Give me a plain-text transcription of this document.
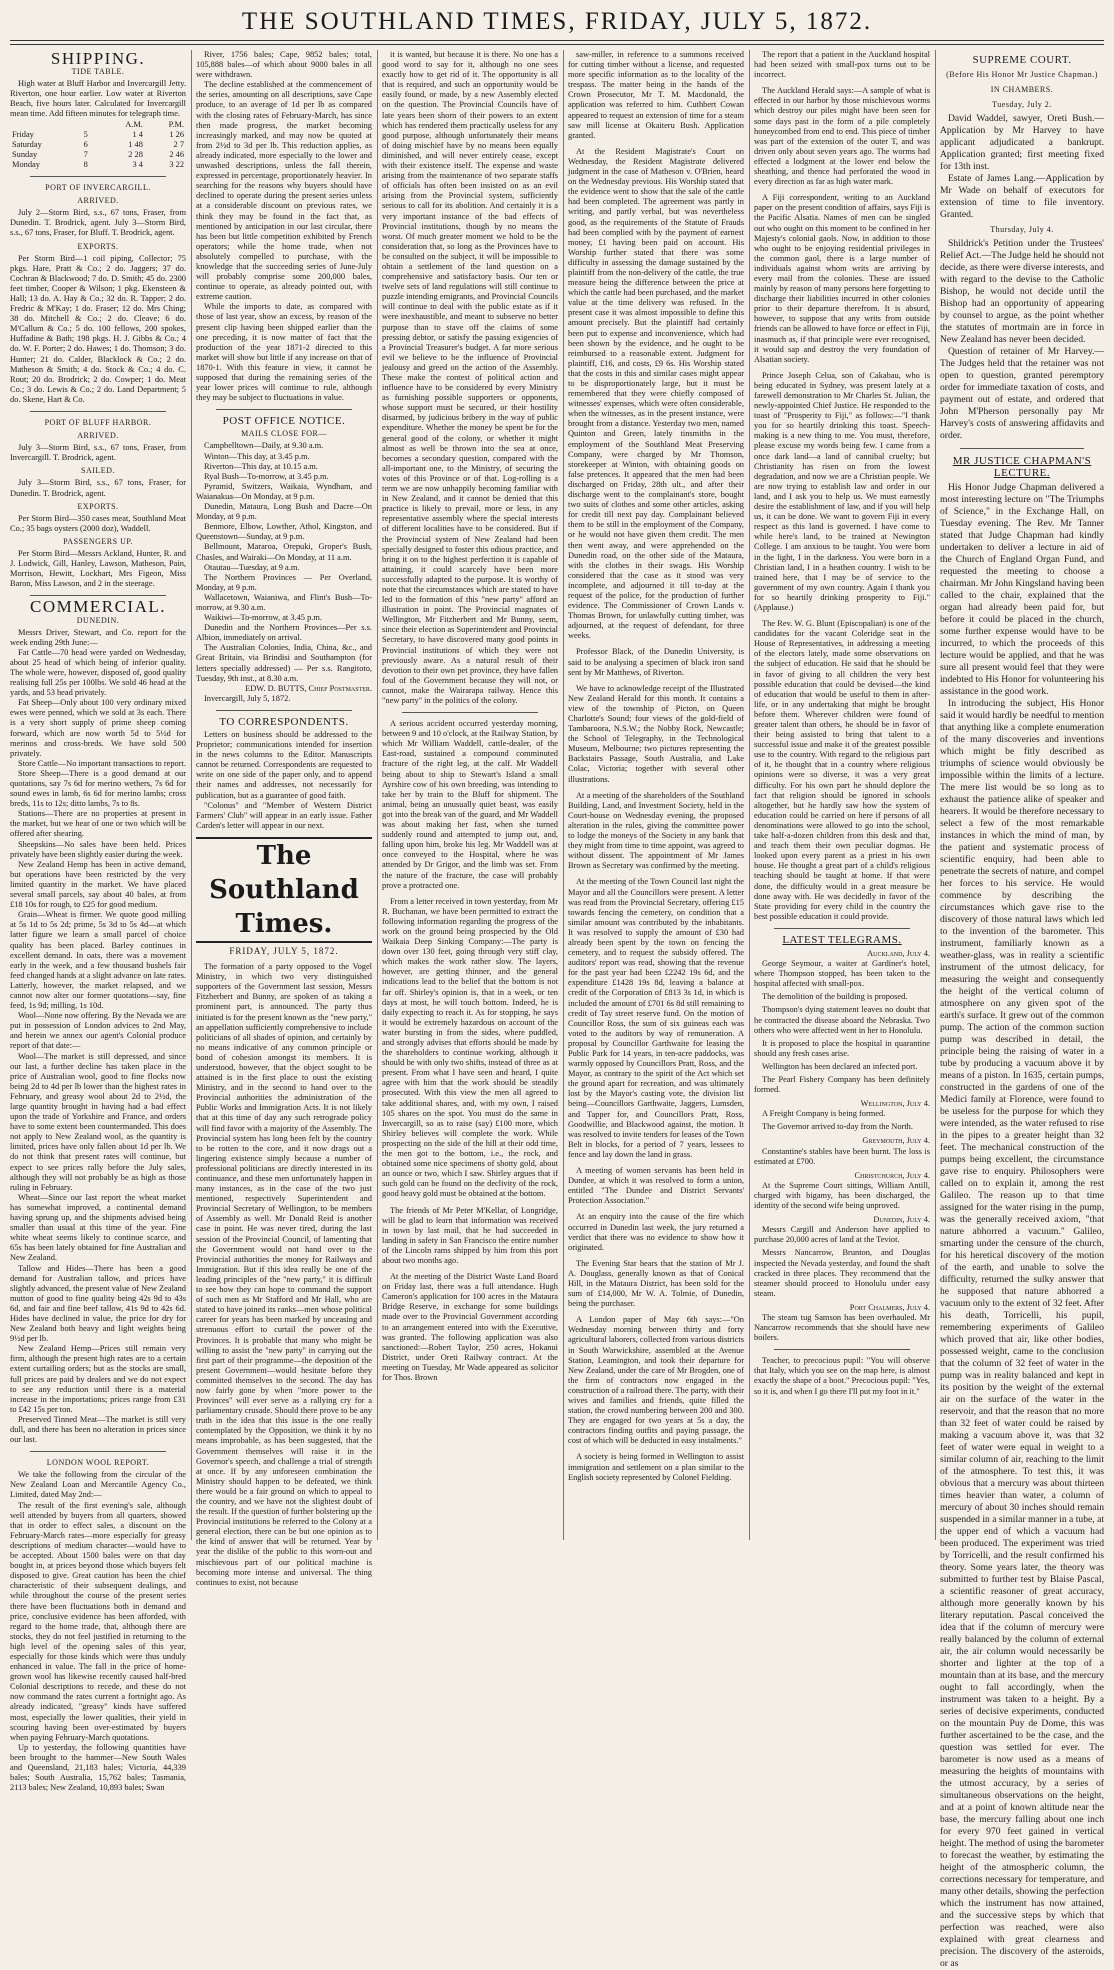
THE SOUTHLAND TIMES, FRIDAY, JULY 5, 1872.
SHIPPING.
TIDE TABLE.

High water at Bluff Harbor and Invercargill Jetty. Riverton, one hour earlier. Low water at Riverton Beach, five hours later. Calculated for Invercargill mean time. Add fifteen minutes for telegraph time.

		A.M.	P.M.
Friday	5	1 4	1 26
Saturday	6	1 48	2 7
Sunday	7	2 28	2 46
Monday	8	3 4	3 22
PORT OF INVERCARGILL.
ARRIVED.

July 2—Storm Bird, s.s., 67 tons, Fraser, from Dunedin. T. Brodrick, agent. July 3—Storm Bird, s.s., 67 tons, Fraser, for Bluff. T. Brodrick, agent.

EXPORTS.

Per Storm Bird—1 coil piping, Collector; 75 pkgs. Hare, Pratt & Co.; 2 do. Jaggers; 37 do. Cochran & Blackwood; 7 do. D. Smith; 45 do. 2300 feet timber, Cooper & Wilson; 1 pkg. Ekensteen & Hall; 13 do. A. Hay & Co.; 32 do. R. Tapper; 2 do. Fredric & M'Kay; 1 do. Fraser; 12 do. Mrs Ching; 38 do. Mitchell & Co.; 2 do. Cleave; 6 do. M'Callum & Co.; 5 do. 100 fellows, 200 spokes, Huffadine & Bath; 198 pkgs. H. J. Gibbs & Co.; 4 do. W. F. Porter; 2 do. Hawes; 1 do. Thomson; 3 do. Hunter; 21 do. Calder, Blacklock & Co.; 2 do. Matheson & Smith; 4 do. Stock & Co.; 4 do. C. Rout; 20 do. Brodrick; 2 do. Cowper; 1 do. Meat Co.; 3 do. Lewis & Co.; 2 do. Land Department; 5 do. Skene, Hart & Co.

PORT OF BLUFF HARBOR.
ARRIVED.

July 3—Storm Bird, s.s., 67 tons, Fraser, from Invercargill. T. Brodrick, agent.

SAILED.

July 3—Storm Bird, s.s., 67 tons, Fraser, for Dunedin. T. Brodrick, agent.

EXPORTS.

Per Storm Bird—350 cases meat, Southland Meat Co.; 35 bags oysters (2000 doz), Waddell.

PASSENGERS UP.

Per Storm Bird—Messrs Ackland, Hunter, R. and J. Lodwick, Gill, Hanley, Lawson, Matheson, Pain, Morrison, Hewitt, Lockhart, Mrs Figeon, Miss Baron, Miss Lawson, and 2 in the steerage.

COMMERCIAL.
DUNEDIN.

Messrs Driver, Stewart, and Co. report for the week ending 29th June:—

Fat Cattle—70 head were yarded on Wednesday, about 25 head of which being of inferior quality. The whole were, however, disposed of, good quality realising full 25s per 100lbs. We sold 46 head at the yards, and 53 head privately.

Fat Sheep—Only about 100 very ordinary mixed ewes were penned, which we sold at 3s each. There is a very short supply of prime sheep coming forward, which are now worth 5d to 5½d for merinos and cross-breds. We have sold 500 privately.

Store Cattle—No important transactions to report.

Store Sheep—There is a good demand at our quotations, say 7s 6d for merino wethers, 7s 6d for sound ewes in lamb, 6s 6d for merino lambs; cross breds, 11s to 12s; ditto lambs, 7s to 8s.

Stations—There are no properties at present in the market, but we hear of one or two which will be offered after shearing.

Sheepskins—No sales have been held. Prices privately have been slightly easier during the week.

New Zealand Hemp has been in active demand, but operations have been restricted by the very limited quantity in the market. We have placed several small parcels, say about 40 bales, at from £18 10s for rough, to £25 for good medium.

Grain—Wheat is firmer. We quote good milling at 5s 1d to 5s 2d; prime, 5s 3d to 5s 4d—at which latter figure we learn a small parcel of choice quality has been placed. Barley continues in excellent demand. In oats, there was a movement early in the week, and a few thousand bushels fair feed changed hands at a slight advance on late rates. Latterly, however, the market relapsed, and we cannot now alter our former quotations—say, fine feed, 1s 9d; milling, 1s 10d.

Wool—None now offering. By the Nevada we are put in possession of London advices to 2nd May, and herein we annex our agent's Colonial produce report of that date:—

Wool—The market is still depressed, and since our last, a further decline has taken place in the price of Australian wool, good to fine flocks now being 2d to 4d per lb lower than the highest rates in February, and greasy wool about 2d to 2½d, the large quantity brought in having had a bad effect upon the trade of Yorkshire and France, and orders have to some extent been countermanded. This does not apply to New Zealand wool, as the quantity is limited, prices have only fallen about 1d per lb. We do not think that present rates will continue, but expect to see prices rally before the July sales, although they will not probably be as high as those ruling in February.

Wheat—Since our last report the wheat market has somewhat improved, a continental demand having sprung up, and the shipments advised being smaller than usual at this time of the year. Fine white wheat seems likely to continue scarce, and 65s has been lately obtained for fine Australian and New Zealand.

Tallow and Hides—There has been a good demand for Australian tallow, and prices have slightly advanced, the present value of New Zealand mutton of good to fine quality being 42s 9d to 43s 6d, and fair and fine beef tallow, 41s 9d to 42s 6d. Hides have declined in value, the price for dry for New Zealand both heavy and light weights being 9½d per lb.

New Zealand Hemp—Prices still remain very firm, although the present high rates are to a certain extent curtailing orders; but as the stocks are small, full prices are paid by dealers and we do not expect to see any reduction until there is a material increase in the importations; prices range from £31 to £42 15s per ton.

Preserved Tinned Meat—The market is still very dull, and there has been no alteration in prices since our last.

LONDON WOOL REPORT.

We take the following from the circular of the New Zealand Loan and Mercantile Agency Co., Limited, dated May 2nd:—

The result of the first evening's sale, although well attended by buyers from all quarters, showed that in order to effect sales, a discount on the February-March rates—more especially for greasy descriptions of medium character—would have to be accepted. About 1500 bales were on that day bought in, at prices beyond those which buyers felt disposed to give. Great caution has been the chief characteristic of their subsequent dealings, and while throughout the course of the present series there have been fluctuations both in demand and price, conclusive evidence has been afforded, with regard to the home trade, that, although there are stocks, they do not feel justified in returning to the high level of the opening sales of this year, especially for those kinds which were thus unduly enhanced in value. The fall in the price of home-grown wool has likewise recently caused half-bred Colonial descriptions to recede, and these do not now command the rates current a fortnight ago. As already indicated, "greasy" kinds have suffered most, especially the lower qualities, their yield in scouring having been over-estimated by buyers when paying February-March quotations.

Up to yesterday, the following quantities have been brought to the hammer—New South Wales and Queensland, 21,183 bales; Victoria, 44,339 bales; South Australia, 15,762 bales; Tasmania, 2113 bales; New Zealand, 10,893 bales; Swan

River, 1756 bales; Cape, 9852 bales; total, 105,888 bales—of which about 9000 bales in all were withdrawn.

The decline established at the commencement of the series, amounting on all descriptions, save Cape produce, to an average of 1d per lb as compared with the closing rates of February-March, has since then made progress, the market becoming increasingly marked, and may now be quoted at from 2½d to 3d per lb. This reduction applies, as already indicated, more especially to the lower and unwashed descriptions, unless the fall therein, expressed in percentage, proportionately heavier. In searching for the reasons why buyers should have declined to operate during the present series unless at a considerable discount on previous rates, we think they may be found in the fact that, as mentioned by anticipation in our last circular, there has been but little competition exhibited by French operators; while the home trade, when not absolutely compelled to purchase, with the knowledge that the succeeding series of June-July will probably comprise some 200,000 bales, continue to operate, as already pointed out, with extreme caution.

While the imports to date, as compared with those of last year, show an excess, by reason of the present clip having been shipped earlier than the one preceding, it is now matter of fact that the production of the year 1871-2 directed to this market will show but little if any increase on that of 1870-1. With this feature in view, it cannot be supposed that during the remaining series of the year lower prices will continue to rule, although they may be subject to fluctuations in value.

POST OFFICE NOTICE.
MAILS CLOSE FOR—

Campbelltown—Daily, at 9.30 a.m.

Winton—This day, at 3.45 p.m.

Riverton—This day, at 10.15 a.m.

Ryal Bush—To-morrow, at 3.45 p.m.

Pyramid, Switzers, Waikaia, Wyndham, and Waianakua—On Monday, at 9 p.m.

Dunedin, Mataura, Long Bush and Dacre—On Monday, at 9 p.m.

Benmore, Elbow, Lowther, Athol, Kingston, and Queenstown—Sunday, at 9 p.m.

Bellmount, Mararoa, Orepuki, Groper's Bush, Chasles, and Wairaki—On Monday, at 11 a.m.

Otautau—Tuesday, at 9 a.m.

The Northern Provinces — Per Overland, Monday, at 9 p.m.

Wallacetown, Waianiwa, and Flint's Bush—To-morrow, at 9.30 a.m.

Waikiwi—To-morrow, at 3.45 p.m.

Dunedin and the Northern Provinces—Per s.s. Albion, immediately on arrival.

The Australian Colonies, India, China, &c., and Great Britain, via Brindisi and Southampton (for letters specially addressed) — Per s.s. Rangitoto, Tuesday, 9th inst., at 8.30 a.m.

EDW. D. BUTTS, Chief Postmaster.

Invercargill, July 5, 1872.

TO CORRESPONDENTS.

Letters on business should be addressed to the Proprietor; communications intended for insertion in the news columns to the Editor. Manuscripts cannot be returned. Correspondents are requested to write on one side of the paper only, and to append their names and addresses, not necessarily for publication, but as a guarantee of good faith.

"Colonus" and "Member of Western District Farmers' Club" will appear in an early issue. Father Carden's letter will appear in our next.

The Southland Times.
FRIDAY, JULY 5, 1872.

The formation of a party opposed to the Vogel Ministry, in which two very distinguished supporters of the Government last session, Messrs Fitzherbert and Bunny, are spoken of as taking a prominent part, is announced. The party thus initiated is for the present known as the "new party," an appellation sufficiently comprehensive to include politicians of all shades of opinion, and certainly by no means indicative of any common principle or bond of cohesion amongst its members. It is understood, however, that the object sought to be attained is in the first place to oust the existing Ministry, and in the second to hand over to the Provincial authorities the administration of the Public Works and Immigration Acts. It is not likely that at this time of day any such retrograde policy will find favor with a majority of the Assembly. The Provincial system has long been felt by the country to be rotten to the core, and it now drags out a lingering existence simply because a number of professional politicians are directly interested in its continuance, and these men unfortunately happen in many instances, as in the case of the two just mentioned, respectively Superintendent and Provincial Secretary of Wellington, to be members of Assembly as well. Mr Donald Reid is another case in point. He was never tired, during the last session of the Provincial Council, of lamenting that the Government would not hand over to the Provincial authorities the money for Railways and Immigration. But if this idea really be one of the leading principles of the "new party," it is difficult to see how they can hope to command the support of such men as Mr Stafford and Mr Hall, who are stated to have joined its ranks—men whose political career for years has been marked by unceasing and strenuous effort to curtail the power of the Provinces. It is probable that many who might be willing to assist the "new party" in carrying out the first part of their programme—the deposition of the present Government—would hesitate before they committed themselves to the second. The day has now fairly gone by when "more power to the Provinces" will ever serve as a rallying cry for a parliamentary crusade. Should there prove to be any truth in the idea that this issue is the one really contemplated by the Opposition, we think it by no means improbable, as has been suggested, that the Government themselves will raise it in the Governor's speech, and challenge a trial of strength at once. If by any unforeseen combination the Ministry should happen to be defeated, we think there would be a fair ground on which to appeal to the country, and we have not the slightest doubt of the result. If the question of further bolstering up the Provincial institutions be referred to the Colony at a general election, there can be but one opinion as to the kind of answer that will be returned. Year by year the dislike of the public to this worn-out and mischievous part of our political machine is becoming more intense and universal. The thing continues to exist, not because

it is wanted, but because it is there. No one has a good word to say for it, although no one sees exactly how to get rid of it. The opportunity is all that is required, and such an opportunity would be easily found, or made, by a new Assembly elected on the question. The Provincial Councils have of late years been shorn of their powers to an extent which has rendered them practically useless for any good purpose, although unfortunately their means of doing mischief have by no means been equally diminished, and will never entirely cease, except with their existence itself. The expense and waste arising from the maintenance of two separate staffs of officials has often been insisted on as an evil arising from the Provincial system, sufficiently serious to call for its abolition. And certainly it is a very important instance of the bad effects of Provincial institutions, though by no means the worst. Of much greater moment we hold to be the consideration that, so long as the Provinces have to be consulted on the subject, it will be impossible to obtain a settlement of the land question on a comprehensive and satisfactory basis. Our ten or twelve sets of land regulations will still continue to puzzle intending emigrants, and Provincial Councils will continue to deal with the public estate as if it were inexhaustible, and meant to subserve no better purpose than to stave off the claims of some pressing debtor, or satisfy the passing exigencies of a Provincial Treasurer's budget. A far more serious evil we believe to be the influence of Provincial jealousy and greed on the action of the Assembly. These make the contest of political action and influence have to be considered by every Ministry as furnishing possible supporters or opponents, whose support must be secured, or their hostility disarmed, by judicious bribery in the way of public expenditure. Whether the money be spent be for the general good of the colony, or whether it might almost as well be thrown into the sea at once, becomes a secondary question, compared with the all-important one, to the Ministry, of securing the votes of this Province or of that. Log-rolling is a term we are now unhappily becoming familiar with in New Zealand, and it cannot be denied that this practice is likely to prevail, more or less, in any representative assembly where the special interests of different localities have to be considered. But if the Provincial system of New Zealand had been specially designed to foster this odious practice, and bring it on to the highest perfection it is capable of attaining, it could scarcely have been more successfully adapted to the purpose. It is worthy of note that the circumstances which are stated to have led to the formation of this "new party" afford an illustration in point. The Provincial magnates of Wellington, Mr Fitzherbert and Mr Bunny, seem, since their election as Superintendent and Provincial Secretary, to have discovered many good points in Provincial institutions of which they were not previously aware. As a natural result of their devotion to their own pet province, they have fallen foul of the Government because they will not, or cannot, make the Wairarapa railway. Hence this "new party" in the politics of the colony.

A serious accident occurred yesterday morning, between 9 and 10 o'clock, at the Railway Station, by which Mr William Waddell, cattle-dealer, of the East-road, sustained a compound comminuted fracture of the right leg, at the calf. Mr Waddell being about to ship to Stewart's Island a small Ayrshire cow of his own breeding, was intending to take her by train to the Bluff for shipment. The animal, being an unusually quiet beast, was easily got into the break van of the guard, and Mr Waddell was about making her fast, when she turned suddenly round and attempted to jump out, and, falling upon him, broke his leg. Mr Waddell was at once conveyed to the Hospital, where he was attended by Dr Grigor, and the limb was set. From the nature of the fracture, the case will probably prove a protracted one.

From a letter received in town yesterday, from Mr R. Buchanan, we have been permitted to extract the following information regarding the progress of the work on the ground being prospected by the Old Waikaia Deep Sinking Company:—The party is down over 130 feet, going through very stiff clay, which makes the work rather slow. The layers, however, are getting thinner, and the general indications lead to the belief that the bottom is not far off. Shirley's opinion is, that in a week, or ten days at most, he will touch bottom. Indeed, he is daily expecting to reach it. As for stopping, he says it would be extremely hazardous on account of the water bursting in from the sides, where puddled, and strongly advises that efforts should be made by the shareholders to continue working, although it should be with only two shifts, instead of three as at present. From what I have seen and heard, I quite agree with him that the work should be steadily prosecuted. With this view the men all agreed to take additional shares, and, with my own, I raised 105 shares on the spot. You must do the same in Invercargill, so as to raise (say) £100 more, which Shirley believes will complete the work. While prospecting on the side of the hill at their odd time, the men got to the bottom, i.e., the rock, and obtained some nice specimens of shotty gold, about an ounce or two, which I saw. Shirley argues that if such gold can be found on the declivity of the rock, good heavy gold must be obtained at the bottom.

The friends of Mr Peter M'Kellar, of Longridge, will be glad to learn that information was received in town by last mail, that he had succeeded in landing in safety in San Francisco the entire number of the Lincoln rams shipped by him from this port about two months ago.

At the meeting of the District Waste Land Board on Friday last, there was a full attendance. Hugh Cameron's application for 100 acres in the Mataura Bridge Reserve, in exchange for some buildings made over to the Provincial Government according to an arrangement entered into with the Executive, was granted. The following application was also sanctioned:—Robert Taylor, 250 acres, Hokanui District, under Oreti Railway contract. At the meeting on Tuesday, Mr Wade appeared as solicitor for Thos. Brown

saw-miller, in reference to a summons received for cutting timber without a license, and requested more specific information as to the locality of the trespass. The matter being in the hands of the Crown Prosecutor, Mr T. M. Macdonald, the application was referred to him. Cuthbert Cowan appeared to request an extension of time for a steam saw mill license at Okaiteru Bush. Application granted.

At the Resident Magistrate's Court on Wednesday, the Resident Magistrate delivered judgment in the case of Matheson v. O'Brien, heard on the Wednesday previous. His Worship stated that the evidence went to show that the sale of the cattle had been completed. The agreement was partly in writing, and partly verbal, but was nevertheless good, as the requirements of the Statute of Frauds had been complied with by the payment of earnest money, £1 having been paid on account. His Worship further stated that there was some difficulty in assessing the damage sustained by the plaintiff from the non-delivery of the cattle, the true measure being the difference between the price at which the cattle had been purchased, and the market value at the time delivery was refused. In the present case it was almost impossible to define this amount precisely. But the plaintiff had certainly been put to expense and inconvenience, which had been shown by the evidence, and he ought to be reimbursed to a reasonable extent. Judgment for plaintiff, £16, and costs, £9 6s. His Worship stated that the costs in this and similar cases might appear to be disproportionately large, but it must be remembered that they were chiefly composed of witnesses' expenses, which were often considerable, when the witnesses, as in the present instance, were brought from a distance. Yesterday two men, named Quinton and Green, lately tinsmiths in the employment of the Southland Meat Preserving Company, were charged by Mr Thomson, storekeeper at Winton, with obtaining goods on false pretences. It appeared that the men had been discharged on Friday, 28th ult., and after their discharge went to the complainant's store, bought two suits of clothes and some other articles, asking for credit till next pay day. Complainant believed them to be still in the employment of the Company, or he would not have given them credit. The men then went away, and were apprehended on the Dunedin road, on the other side of the Mataura, with the clothes in their swags. His Worship considered that the case as it stood was very incomplete, and adjourned it till to-day at the request of the police, for the production of further evidence. The Commissioner of Crown Lands v. Thomas Brown, for unlawfully cutting timber, was adjourned, at the request of defendant, for three weeks.

Professor Black, of the Dunedin University, is said to be analysing a specimen of black iron sand sent by Mr Matthews, of Riverton.

We have to acknowledge receipt of the Illustrated New Zealand Herald for this month. It contains a view of the township of Picton, on Queen Charlotte's Sound; four views of the gold-field of Tambaroora, N.S.W.; the Nobby Rock, Newcastle; the School of Telegraphy, in the Technological Museum, Melbourne; two pictures representing the Backstairs Passage, South Australia, and Lake Colac, Victoria; together with several other illustrations.

At a meeting of the shareholders of the Southland Building, Land, and Investment Society, held in the Court-house on Wednesday evening, the proposed alteration in the rules, giving the committee power to lodge the moneys of the Society in any bank that they might from time to time appoint, was agreed to without dissent. The appointment of Mr James Brown as Secretary was confirmed by the meeting.

At the meeting of the Town Council last night the Mayor and all the Councillors were present. A letter was read from the Provincial Secretary, offering £15 towards fencing the cemetery, on condition that a similar amount was contributed by the inhabitants. It was resolved to supply the amount of £30 had already been spent by the town on fencing the cemetery, and to request the subsidy offered. The auditors' report was read, showing that the revenue for the past year had been £2242 19s 6d, and the expenditure £1428 19s 8d, leaving a balance at credit of the Corporation of £813 3s 1d, in which is included the amount of £701 6s 8d still remaining to credit of Tay street reserve fund. On the motion of Councillor Ross, the sum of six guineas each was voted to the auditors by way of remuneration. A proposal by Councillor Garthwaite for leasing the Public Park for 14 years, in ten-acre paddocks, was warmly opposed by Councillors Pratt, Ross, and the Mayor, as contrary to the spirit of the Act which set the ground apart for recreation, and was ultimately lost by the Mayor's casting vote, the division list being—Councillors Garthwaite, Jaggers, Lumsden, and Tapper for, and Councillors Pratt, Ross, Goodwillie, and Blackwood against, the motion. It was resolved to invite tenders for leases of the Town Belt in blocks, for a period of 7 years, lessees to fence and lay down the land in grass.

A meeting of women servants has been held in Dundee, at which it was resolved to form a union, entitled "The Dundee and District Servants' Protection Association."

At an enquiry into the cause of the fire which occurred in Dunedin last week, the jury returned a verdict that there was no evidence to show how it originated.

The Evening Star hears that the station of Mr J. A. Douglass, generally known as that of Conical Hill, in the Mataura District, has been sold for the sum of £14,000, Mr W. A. Tolmie, of Dunedin, being the purchaser.

A London paper of May 6th says:—"On Wednesday morning between thirty and forty agricultural laborers, collected from various districts in South Warwickshire, assembled at the Avenue Station, Leamington, and took their departure for New Zealand, under the care of Mr Brogden, one of the firm of contractors now engaged in the construction of a railroad there. The party, with their wives and families and friends, quite filled the station, the crowd numbering between 200 and 300. They are engaged for two years at 5s a day, the contractors finding outfits and paying passage, the cost of which will be deducted in easy instalments."

A society is being formed in Wellington to assist immigration and settlement on a plan similar to the English society represented by Colonel Fielding.

The report that a patient in the Auckland hospital had been seized with small-pox turns out to be incorrect.

The Auckland Herald says:—A sample of what is effected in our harbor by those mischievous worms which destroy our piles might have been seen for some days past in the form of a pile completely honeycombed from end to end. This piece of timber was part of the extension of the outer T, and was driven only about seven years ago. The worms had effected a lodgment at the lower end below the sheathing, and thence had perforated the wood in every direction as far as high water mark.

A Fiji correspondent, writing to an Auckland paper on the present condition of affairs, says Fiji is the Pacific Alsatia. Names of men can be singled out who ought on this moment to be confined in her Majesty's colonial gaols. Now, in addition to those who ought to be enjoying residential privileges in the common gaol, there is a large number of individuals against whom writs are arriving by every mail from the colonies. These are issued mainly by reason of many persons here forgetting to discharge their liabilities incurred in other colonies prior to their departure therefrom. It is absurd, however, to suppose that any writs from outside friends can be allowed to have force or effect in Fiji, inasmuch as, if that principle were ever recognised, it would sap and destroy the very foundation of Alsatian society.

Prince Joseph Celua, son of Cakabau, who is being educated in Sydney, was present lately at a farewell demonstration to Mr Charles St. Julian, the newly-appointed Chief Justice. He responded to the toast of "Prosperity to Fiji," as follows:—"I thank you for so heartily drinking this toast. Speech-making is a new thing to me. You must, therefore, please excuse my words being few. I came from a once dark land—a land of cannibal cruelty; but Christianity has risen on from the lowest degradation, and now we are a Christian people. We are now trying to establish law and order in our land, and I ask you to help us. We must earnestly desire the establishment of law, and if you will help us, it can be done. We want to govern Fiji in every respect as this land is governed. I have come to while here's land, to be trained at Newington College. I am anxious to be taught. You were born in the light, I in the darkness. You were born in a Christian land, I in a heathen country. I wish to be trained here, that I may be of service to the government of my own country. Again I thank you for so heartily drinking prosperity to Fiji." (Applause.)

The Rev. W. G. Blunt (Episcopalian) is one of the candidates for the vacant Coleridge seat in the House of Representatives, in addressing a meeting of the electors lately, made some observations on the subject of education. He said that he should be in favor of giving to all children the very best possible education that could be devised—the kind of education that would be useful to them in after-life, or in any undertaking that might be brought before them. Wherever children were found of greater talent than others, he should be in favor of their being assisted to bring that talent to a successful issue and make it of the greatest possible use to the country. With regard to the religious part of it, he thought that in a country where religious opinions were so diverse, it was a very great difficulty. For his own part he should deplore the fact that religion should be ignored in schools altogether, but he hardly saw how the system of education could be carried on here if persons of all denominations were allowed to go into the school, take half-a-dozen children from this desk and that, and teach them their own peculiar dogmas. He looked upon every parent as a priest in his own house. He thought a great part of a child's religious teaching should be taught at home. If that were done, the difficulty would in a great measure be done away with. He was decidedly in favor of the State providing for every child in the country the best possible education it could provide.

LATEST TELEGRAMS.
Auckland, July 4.

George Seymour, a waiter at Gardiner's hotel, where Thompson stopped, has been taken to the hospital affected with small-pox.

The demolition of the building is proposed.

Thompson's dying statement leaves no doubt that he contracted the disease aboard the Nebraska. Two others who were affected went in her to Honolulu.

It is proposed to place the hospital in quarantine should any fresh cases arise.

Wellington has been declared an infected port.

The Pearl Fishery Company has been definitely formed.

Wellington, July 4.

A Freight Company is being formed.

The Governor arrived to-day from the North.

Greymouth, July 4.

Constantine's stables have been burnt. The loss is estimated at £700.

Christchurch, July 4.

At the Supreme Court sittings, William Antill, charged with bigamy, has been discharged, the identity of the second wife being unproved.

Dunedin, July 4.

Messrs Cargill and Anderson have applied to purchase 20,000 acres of land at the Teviot.

Messrs Nancarrow, Brunton, and Douglas inspected the Nevada yesterday, and found the shaft cracked in three places. They recommend that the steamer should proceed to Honolulu under easy steam.

Port Chalmers, July 4.

The steam tug Samson has been overhauled. Mr Nancarrow recommends that she should have new boilers.

Teacher, to precocious pupil: "You will observe that Italy, which you see on the map here, is almost exactly the shape of a boot." Precocious pupil: "Yes, so it is, and when I go there I'll put my foot in it."

SUPREME COURT.
(Before His Honor Mr Justice Chapman.)
IN CHAMBERS.
Tuesday, July 2.

David Waddel, sawyer, Oreti Bush.—Application by Mr Harvey to have applicant adjudicated a bankrupt. Application granted; first meeting fixed for 13th inst.

Estate of James Lang.—Application by Mr Wade on behalf of executors for extension of time to file inventory. Granted.

Thursday, July 4.

Shildrick's Petition under the Trustees' Relief Act.—The Judge held he should not decide, as there were diverse interests, and with regard to the devise to the Catholic Bishop, he would not decide until the Bishop had an opportunity of appearing by counsel to argue, as the point whether the statutes of mortmain are in force in New Zealand has never been decided.

Question of retainer of Mr Harvey.—The Judges held that the retainer was not open to question, granted peremptory order for immediate taxation of costs, and payment out of estate, and ordered that John M'Pherson personally pay Mr Harvey's costs of answering affidavits and order.

MR JUSTICE CHAPMAN'S LECTURE.

His Honor Judge Chapman delivered a most interesting lecture on "The Triumphs of Science," in the Exchange Hall, on Tuesday evening. The Rev. Mr Tanner stated that Judge Chapman had kindly undertaken to deliver a lecture in aid of the Church of England Organ Fund, and requested the meeting to choose a chairman. Mr John Kingsland having been called to the chair, explained that the organ had already been paid for, but before it could be placed in the church, some further expense would have to be incurred, to which the proceeds of this lecture would be applied, and that he was sure all present would feel that they were indebted to His Honor for volunteering his assistance in the good work.

In introducing the subject, His Honor said it would hardly be needful to mention that anything like a complete enumeration of the many discoveries and inventions which might be fitly described as triumphs of science would obviously be impossible within the limits of a lecture. The mere list would be so long as to exhaust the patience alike of speaker and hearers. It would be therefore necessary to select a few of the most remarkable instances in which the mind of man, by the patient and systematic process of scientific enquiry, had been able to penetrate the secrets of nature, and compel her forces to his service. He would commence by describing the circumstances which gave rise to the discovery of those natural laws which led to the invention of the barometer. This instrument, familiarly known as a weather-glass, was in reality a scientific instrument of the utmost delicacy, for measuring the weight and consequently the height of the vertical column of atmosphere on any given spot of the earth's surface. It grew out of the common pump. The action of the common suction pump was described in detail, the principle being the raising of water in a tube by producing a vacuum above it by means of a piston. In 1635, certain pumps, constructed in the gardens of one of the Medici family at Florence, were found to be useless for the purpose for which they were intended, as the water refused to rise in the pipes to a greater height than 32 feet. The mechanical construction of the pumps being excellent, the circumstance gave rise to enquiry. Philosophers were called on to explain it, among the rest Galileo. The reason up to that time assigned for the water rising in the pump, was the generally received axiom, "that nature abhorred a vacuum." Galileo, smarting under the censure of the church, for his heretical discovery of the motion of the earth, and unable to solve the difficulty, returned the sulky answer that he supposed that nature abhorred a vacuum only to the extent of 32 feet. After his death, Torricelli, his pupil, remembering experiments of Galileo which proved that air, like other bodies, possessed weight, came to the conclusion that the column of 32 feet of water in the pump was in reality balanced and kept in its position by the weight of the external air on the surface of the water in the reservoir, and that the reason that no more than 32 feet of water could be raised by making a vacuum above it, was that 32 feet of water were equal in weight to a similar column of air, reaching to the limit of the atmosphere. To test this, it was obvious that a mercury was about thirteen times heavier than water, a column of mercury of about 30 inches should remain suspended in a similar manner in a tube, at the upper end of which a vacuum had been produced. The experiment was tried by Torricelli, and the result confirmed his theory. Some years later, the theory was submitted to further test by Blaise Pascal, a scientific reasoner of great accuracy, although more generally known by his literary reputation. Pascal conceived the idea that if the column of mercury were really balanced by the column of external air, the air column would necessarily be shorter and lighter at the top of a mountain than at its base, and the mercury ought to fall accordingly, when the instrument was taken to a height. By a series of decisive experiments, conducted on the mountain Puy de Dome, this was further ascertained to be the case, and the question was settled for ever. The barometer is now used as a means of measuring the heights of mountains with the utmost accuracy, by a series of simultaneous observations on the height, and at a point of known altitude near the base, the mercury falling about one inch for every 970 feet gained in vertical height. The method of using the barometer to forecast the weather, by estimating the height of the atmospheric column, the corrections necessary for temperature, and many other details, showing the perfection which the instrument has now attained, and the successive steps by which that perfection was reached, were also explained with great clearness and precision. The discovery of the asteroids, or as
